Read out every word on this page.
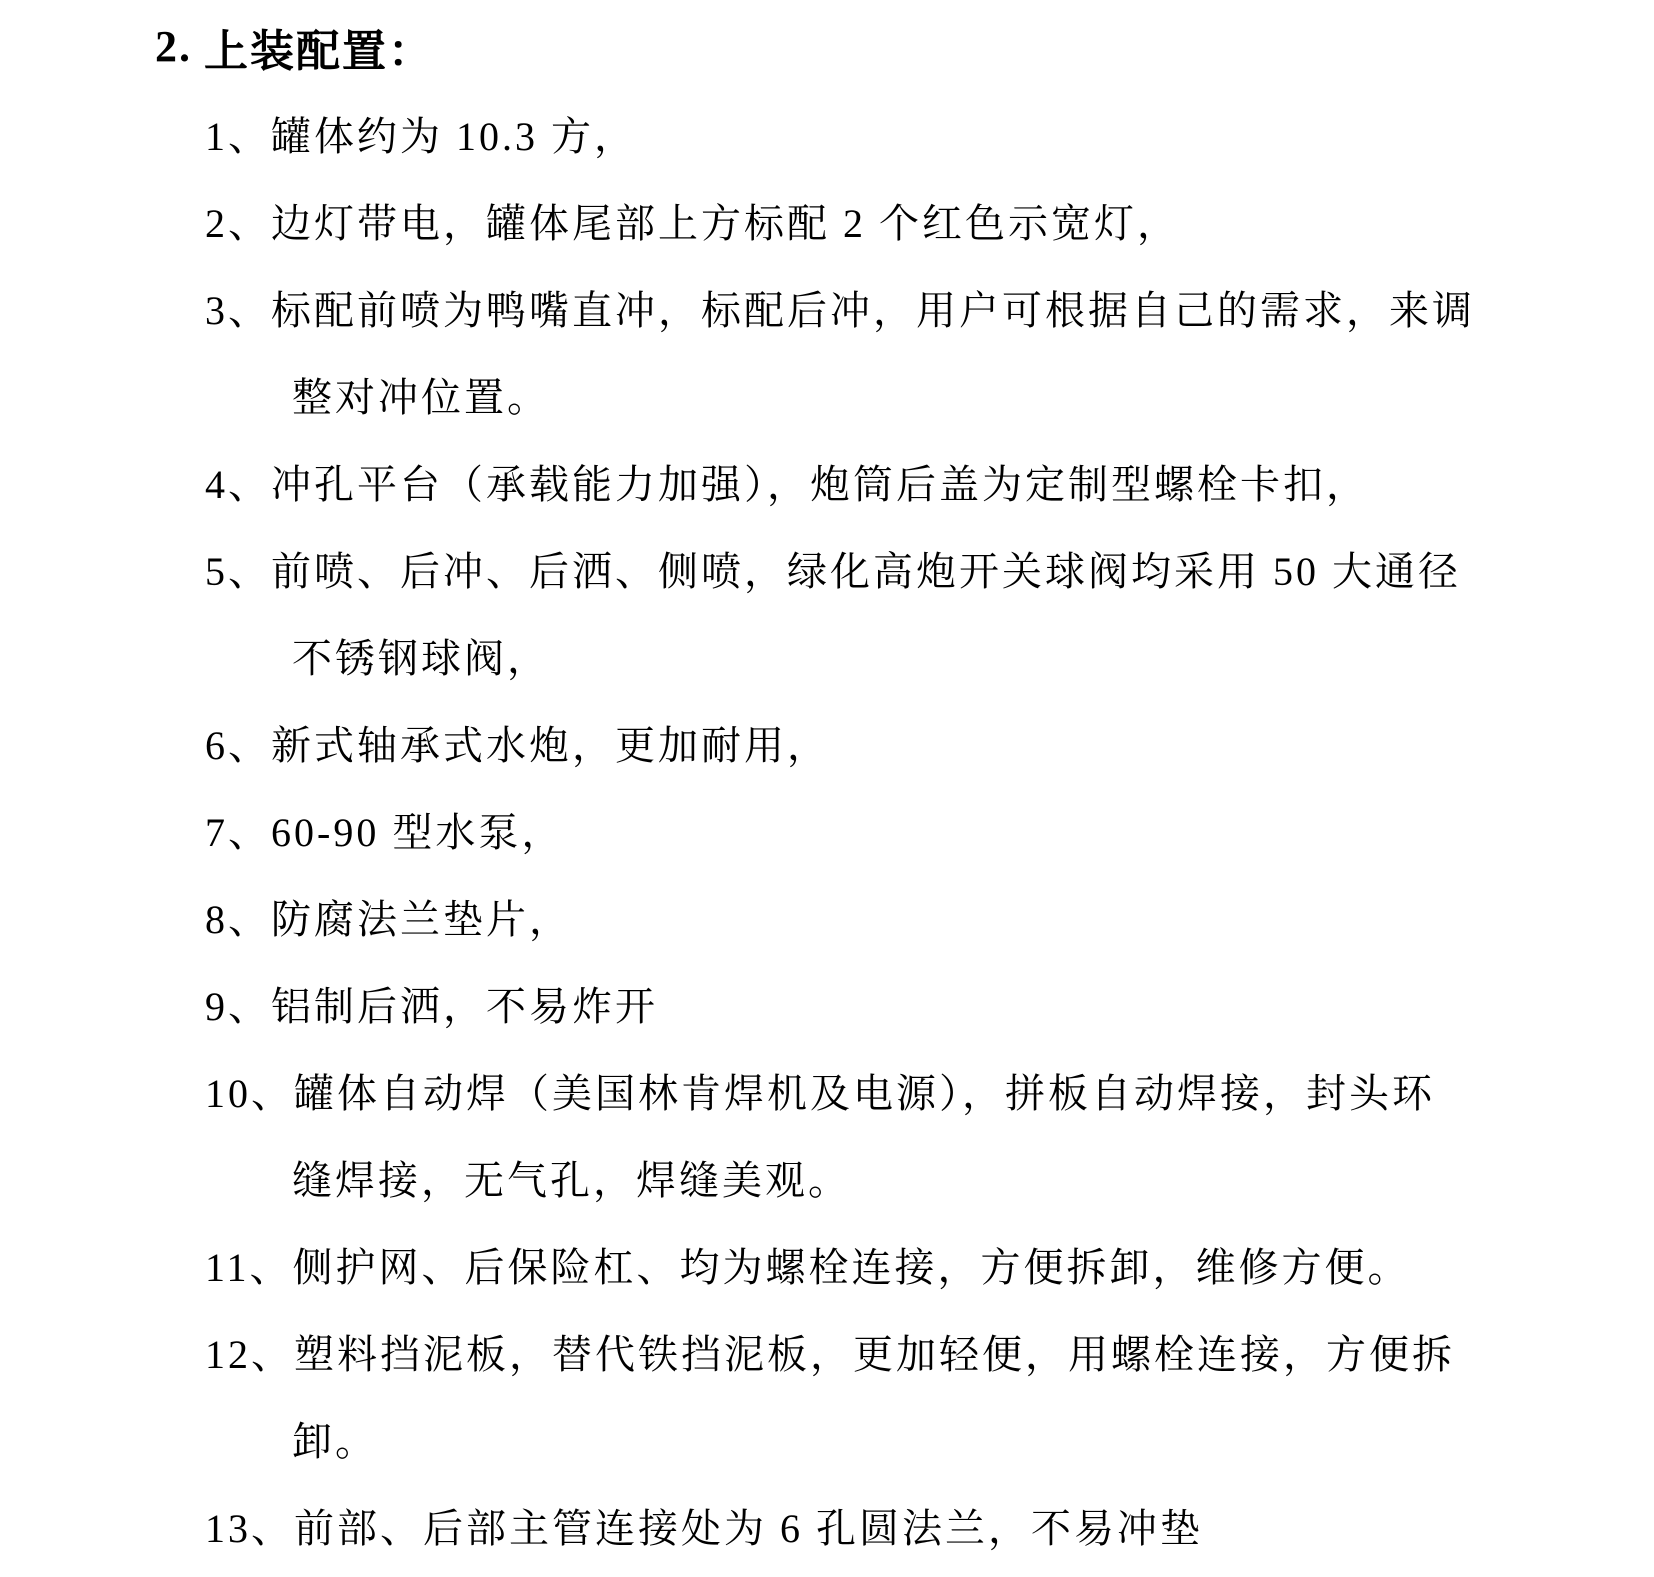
2. 上装配置：
1、 罐体约为 10.3 方，
2、 边灯带电，罐体尾部上方标配 2 个红色示宽灯，
3、 标配前喷为鸭嘴直冲，标配后冲，用户可根据自己的需求，来调
整对冲位置。
4、 冲孔平台（承载能力加强），炮筒后盖为定制型螺栓卡扣，
5、 前喷、后冲、后洒、侧喷，绿化高炮开关球阀均采用 50 大通径
不锈钢球阀，
6、 新式轴承式水炮，更加耐用，
7、 60-90 型水泵，
8、 防腐法兰垫片，
9、 铝制后洒，不易炸开
10、 罐体自动焊（美国林肯焊机及电源），拼板自动焊接，封头环
缝焊接，无气孔，焊缝美观。
11、 侧护网、后保险杠、均为螺栓连接，方便拆卸，维修方便。
12、 塑料挡泥板，替代铁挡泥板，更加轻便，用螺栓连接，方便拆
卸。
13、 前部、后部主管连接处为 6 孔圆法兰，不易冲垫
